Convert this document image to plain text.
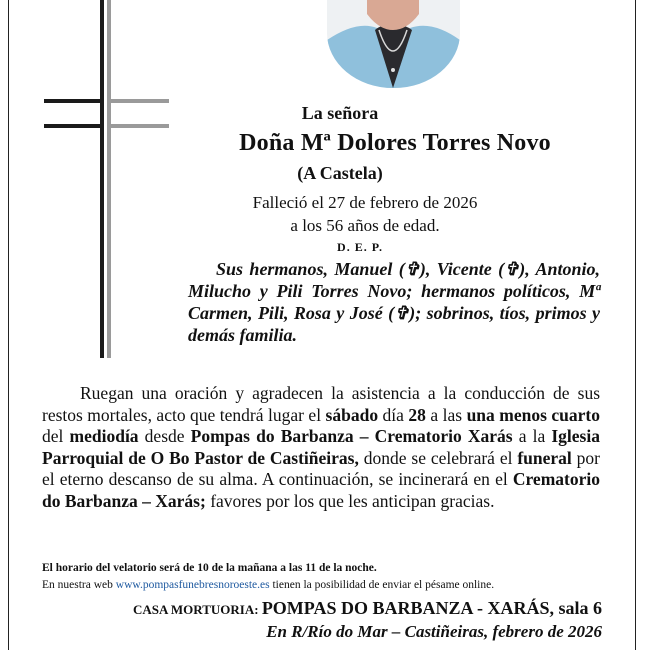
La señora
Doña Mª Dolores Torres Novo
(A Castela)
Falleció el 27 de febrero de 2026
a los 56 años de edad.
D. E. P.
Sus hermanos, Manuel (✞), Vicente (✞), Antonio, Milucho y Pili Torres Novo; hermanos políticos, Mª Carmen, Pili, Rosa y José (✞); sobrinos, tíos, primos y demás familia.
Ruegan una oración y agradecen la asistencia a la conducción de sus restos mortales, acto que tendrá lugar el sábado día 28 a las una menos cuarto del mediodía desde Pompas do Barbanza – Crematorio Xarás a la Iglesia Parroquial de O Bo Pastor de Castiñeiras, donde se celebrará el funeral por el eterno descanso de su alma. A continuación, se incinerará en el Crematorio do Barbanza – Xarás; favores por los que les anticipan gracias.
El horario del velatorio será de 10 de la mañana a las 11 de la noche.
En nuestra web www.pompasfunebresnoroeste.es tienen la posibilidad de enviar el pésame online.
CASA MORTUORIA: POMPAS DO BARBANZA - XARÁS, sala 6
En R/Río do Mar – Castiñeiras, febrero de 2026
